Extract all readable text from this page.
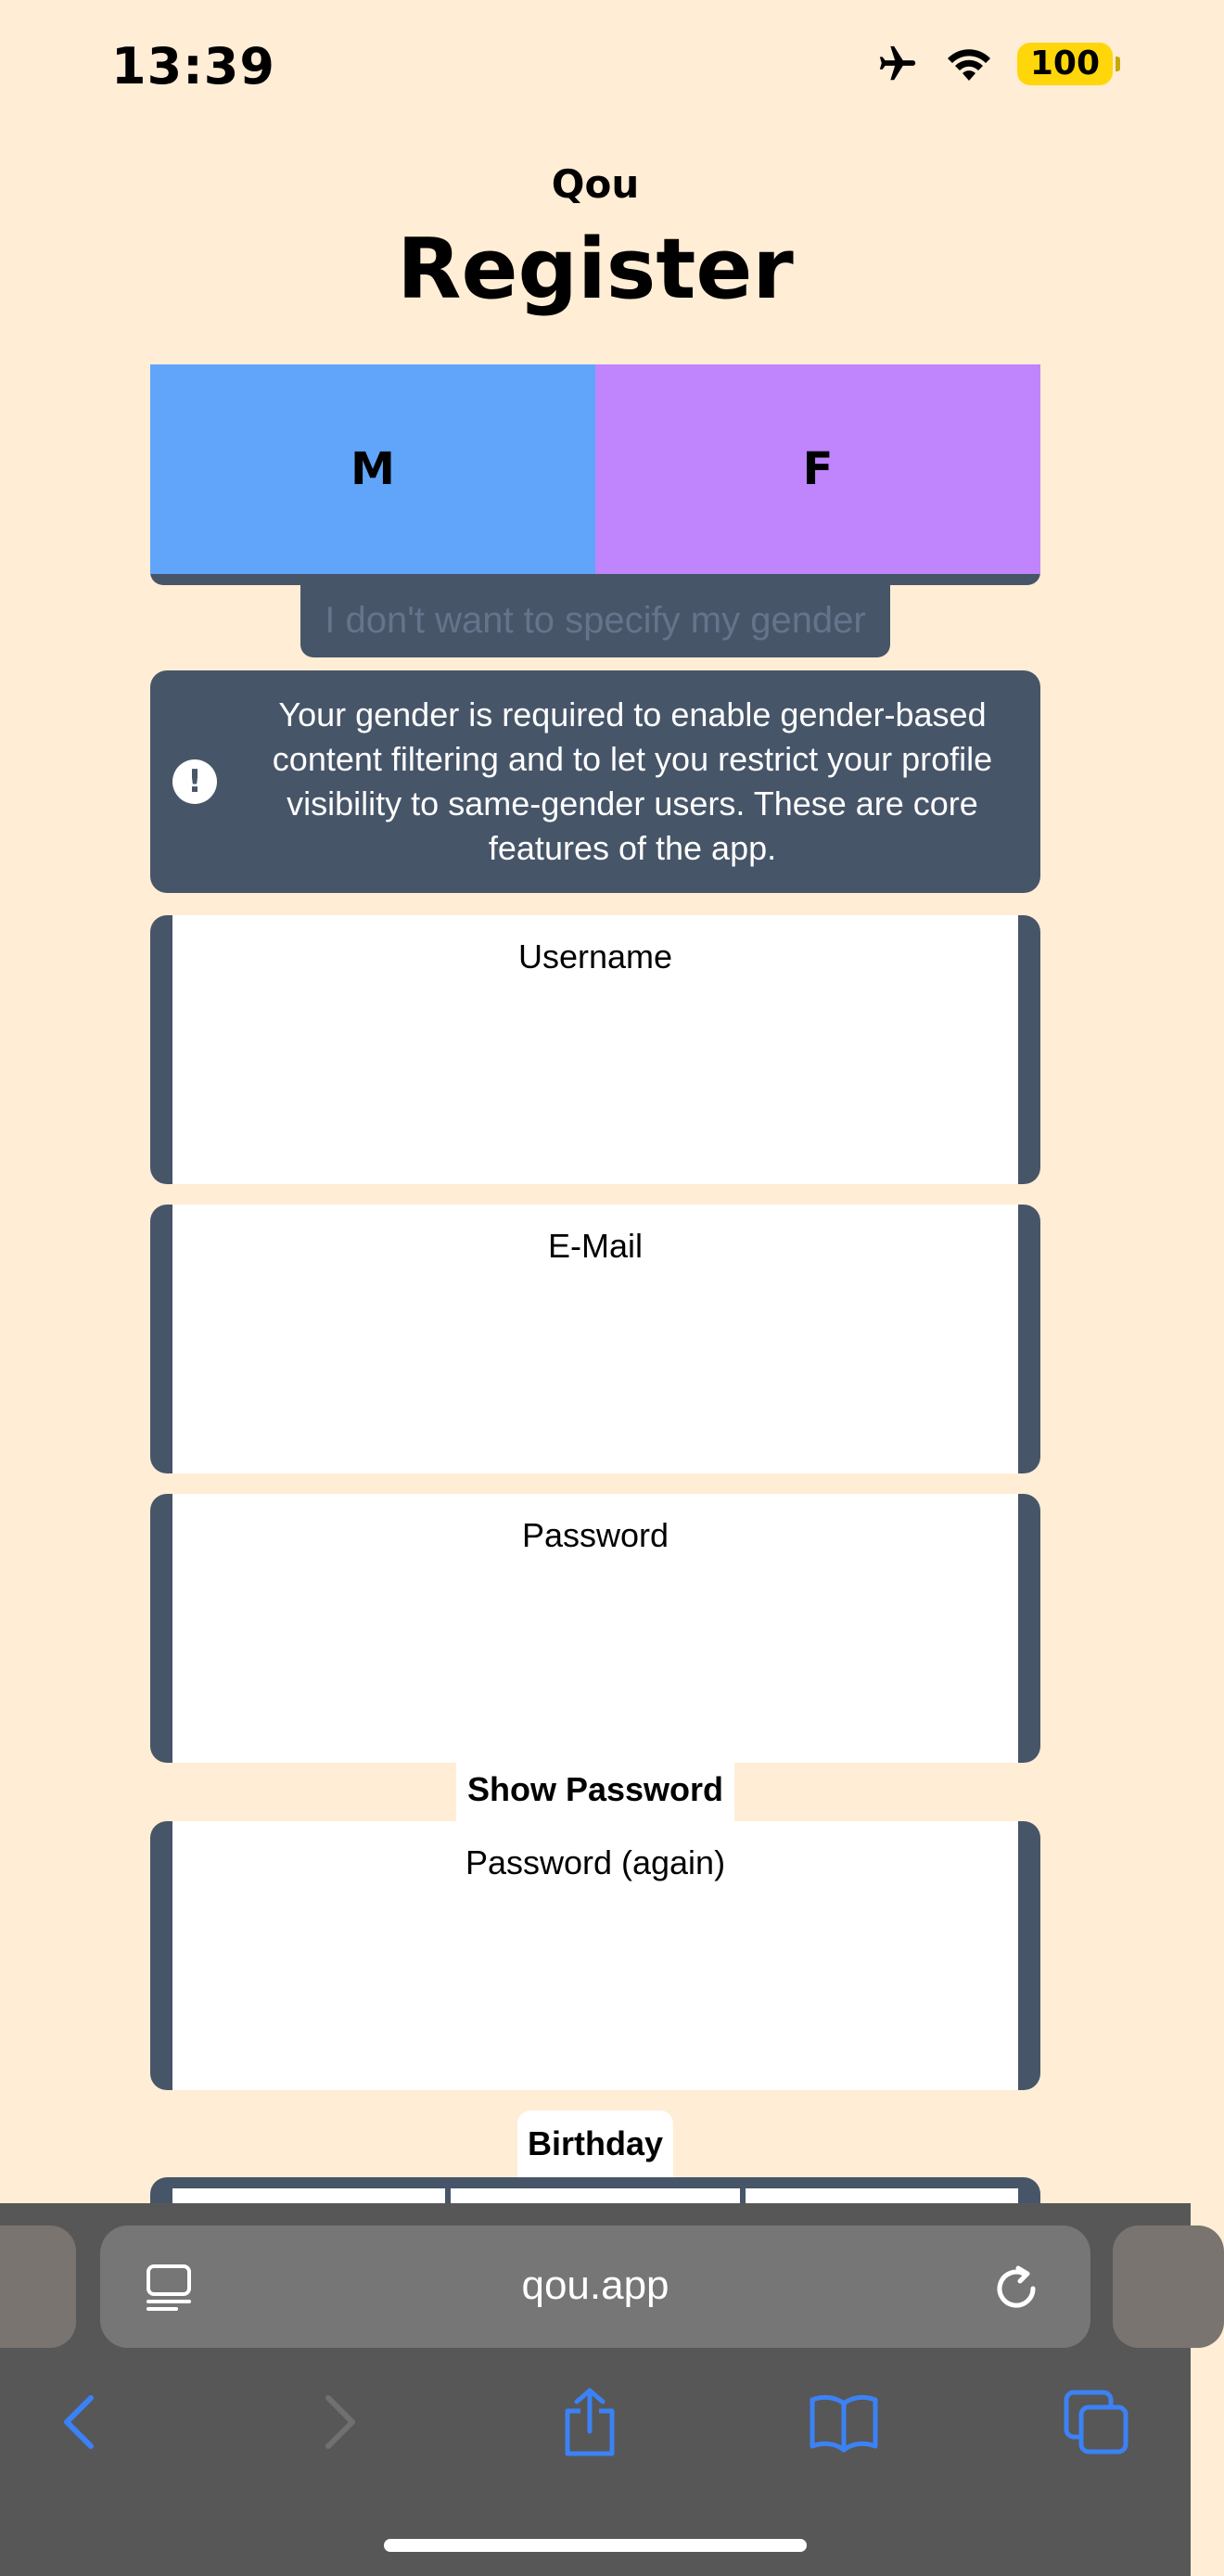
13:39	100
Qou
Register
M	F
I don't want to specify my gender
!
Your gender is required to enable gender-based content filtering and to let you restrict your profile visibility to same-gender users. These are core features of the app.
Username
E-Mail
Password
Show Password
Password (again)
Birthday
qou.app
